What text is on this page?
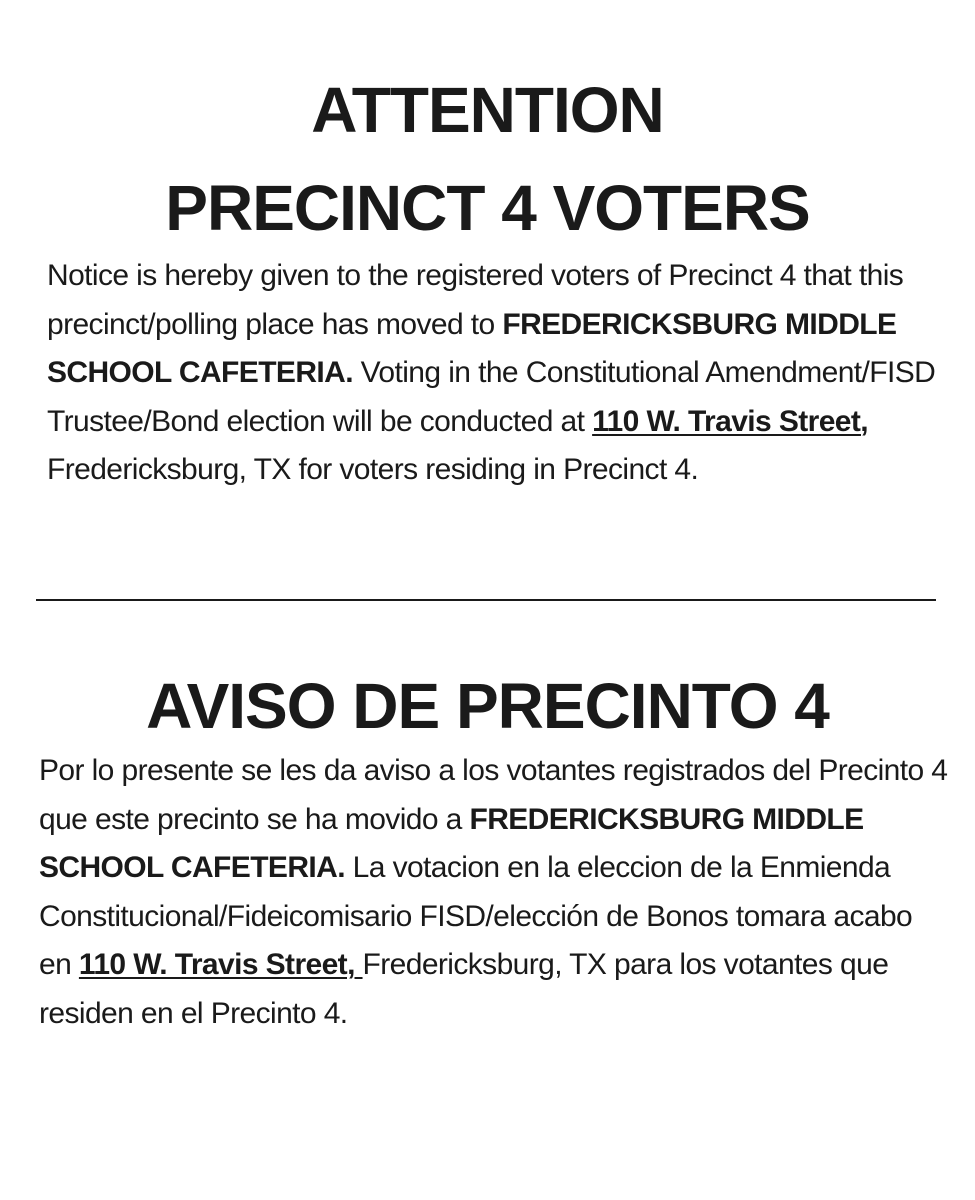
ATTENTION
PRECINCT 4 VOTERS

Notice is hereby given to the registered voters of Precinct 4 that this precinct/polling place has moved to FREDERICKSBURG MIDDLE SCHOOL CAFETERIA. Voting in the Constitutional Amendment/FISD Trustee/Bond election will be conducted at 110 W. Travis Street, Fredericksburg, TX for voters residing in Precinct 4.

AVISO DE PRECINTO 4

Por lo presente se les da aviso a los votantes registrados del Precinto 4 que este precinto se ha movido a FREDERICKSBURG MIDDLE SCHOOL CAFETERIA. La votacion en la eleccion de la Enmienda Constitucional/Fideicomisario FISD/elección de Bonos tomara acabo en 110 W. Travis Street, Fredericksburg, TX para los votantes que residen en el Precinto 4.
